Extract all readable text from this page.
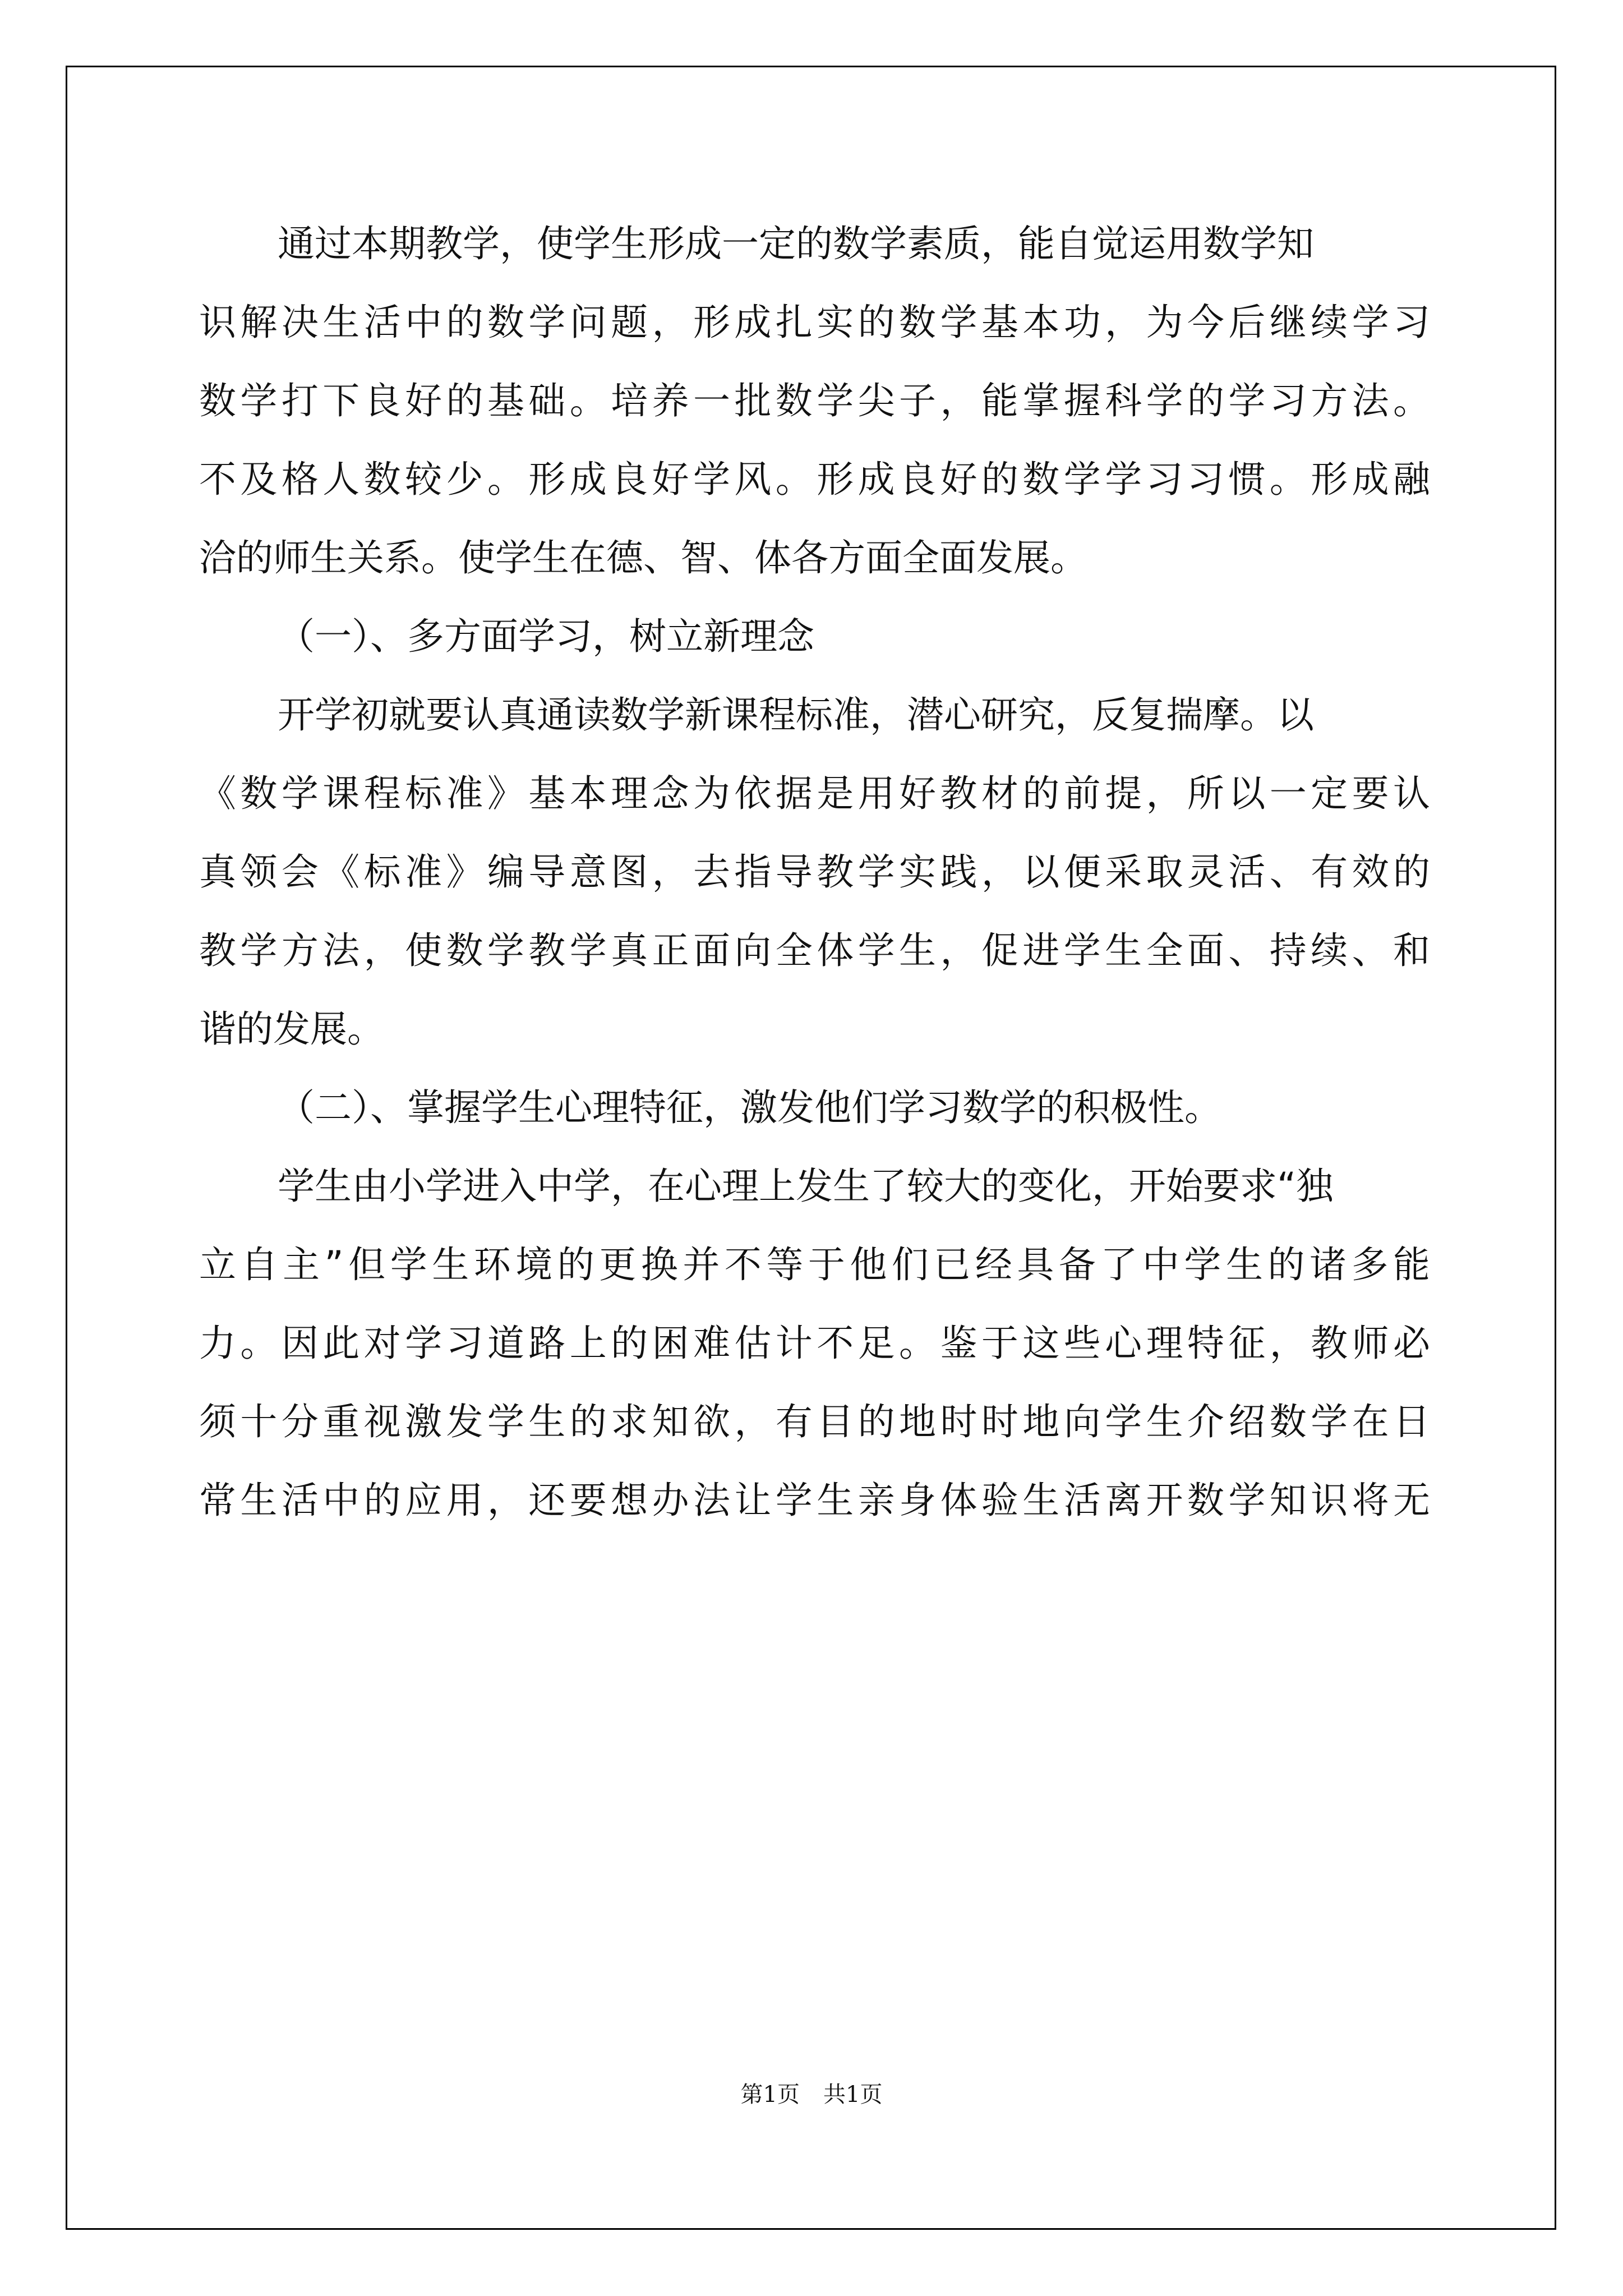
通过本期教学，使学生形成一定的数学素质，能自觉运用数学知
识解决生活中的数学问题，形成扎实的数学基本功，为今后继续学习
数学打下良好的基础。培养一批数学尖子，能掌握科学的学习方法。
不及格人数较少。形成良好学风。形成良好的数学学习习惯。形成融
洽的师生关系。使学生在德、智、体各方面全面发展。
（一）、多方面学习，树立新理念
开学初就要认真通读数学新课程标准，潜心研究，反复揣摩。以
《数学课程标准》基本理念为依据是用好教材的前提，所以一定要认
真领会《标准》编导意图，去指导教学实践，以便采取灵活、有效的
教学方法，使数学教学真正面向全体学生，促进学生全面、持续、和
谐的发展。
（二）、掌握学生心理特征，激发他们学习数学的积极性。
学生由小学进入中学，在心理上发生了较大的变化，开始要求“独
立自主”但学生环境的更换并不等于他们已经具备了中学生的诸多能
力。因此对学习道路上的困难估计不足。鉴于这些心理特征，教师必
须十分重视激发学生的求知欲，有目的地时时地向学生介绍数学在日
常生活中的应用，还要想办法让学生亲身体验生活离开数学知识将无
第1页 共1页
